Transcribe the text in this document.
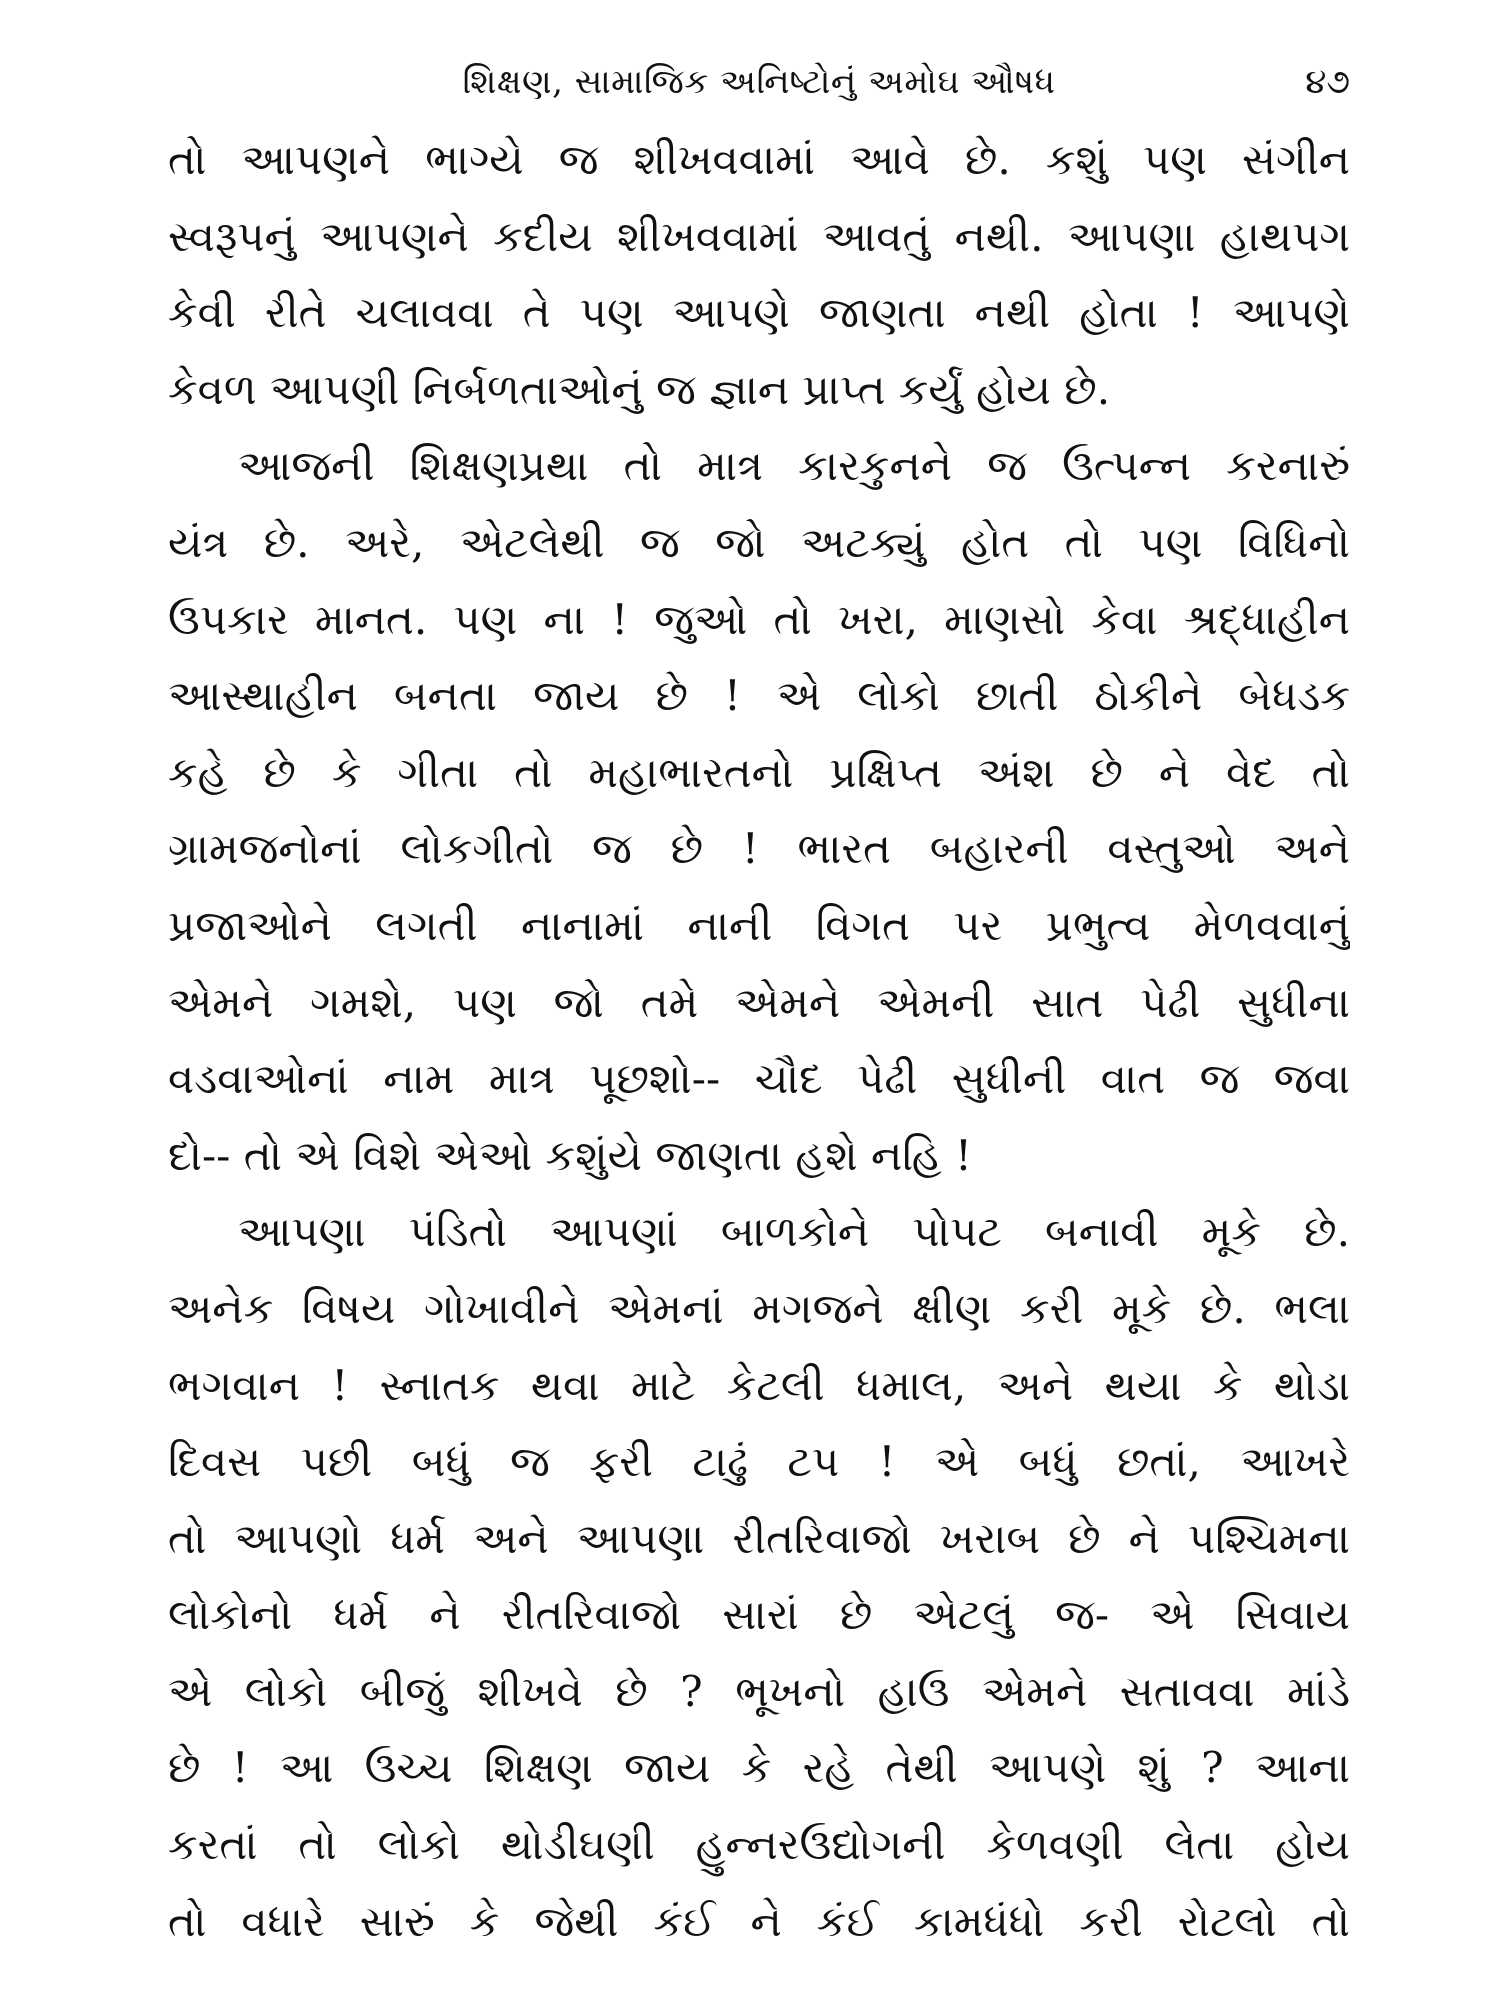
શિક્ષણ, સામાજિક અનિષ્ટોનું અમોઘ ઔષધ	૪૭
તો આપણને ભાગ્યે જ શીખવવામાં આવે છે. કશું પણ સંગીન
સ્વરૂપનું આપણને કદીય શીખવવામાં આવતું નથી. આપણા હાથપગ
કેવી રીતે ચલાવવા તે પણ આપણે જાણતા નથી હોતા ! આપણે
કેવળ આપણી નિર્બળતાઓનું જ જ્ઞાન પ્રાપ્ત કર્યું હોય છે.
આજની શિક્ષણપ્રથા તો માત્ર કારકુનને જ ઉત્પન્ન કરનારું
યંત્ર છે. અરે, એટલેથી જ જો અટક્યું હોત તો પણ વિધિનો
ઉપકાર માનત. પણ ના ! જુઓ તો ખરા, માણસો કેવા શ્રદ્ધાહીન
આસ્થાહીન બનતા જાય છે ! એ લોકો છાતી ઠોકીને બેધડક
કહે છે કે ગીતા તો મહાભારતનો પ્રક્ષિપ્ત અંશ છે ને વેદ તો
ગ્રામજનોનાં લોકગીતો જ છે ! ભારત બહારની વસ્તુઓ અને
પ્રજાઓને લગતી નાનામાં નાની વિગત પર પ્રભુત્વ મેળવવાનું
એમને ગમશે, પણ જો તમે એમને એમની સાત પેઢી સુધીના
વડવાઓનાં નામ માત્ર પૂછશો-- ચૌદ પેઢી સુધીની વાત જ જવા
દો-- તો એ વિશે એઓ કશુંયે જાણતા હશે નહિ !
આપણા પંડિતો આપણાં બાળકોને પોપટ બનાવી મૂકે છે.
અનેક વિષય ગોખાવીને એમનાં મગજને ક્ષીણ કરી મૂકે છે. ભલા
ભગવાન ! સ્નાતક થવા માટે કેટલી ધમાલ, અને થયા કે થોડા
દિવસ પછી બધું જ ફરી ટાઢું ટપ ! એ બધું છતાં, આખરે
તો આપણો ધર્મ અને આપણા રીતરિવાજો ખરાબ છે ને પશ્ચિમના
લોકોનો ધર્મ ને રીતરિવાજો સારાં છે એટલું જ- એ સિવાય
એ લોકો બીજું શીખવે છે ? ભૂખનો હાઉ એમને સતાવવા માંડે
છે ! આ ઉચ્ચ શિક્ષણ જાય કે રહે તેથી આપણે શું ? આના
કરતાં તો લોકો થોડીઘણી હુન્નરઉદ્યોગની કેળવણી લેતા હોય
તો વધારે સારું કે જેથી કંઈ ને કંઈ કામધંધો કરી રોટલો તો
